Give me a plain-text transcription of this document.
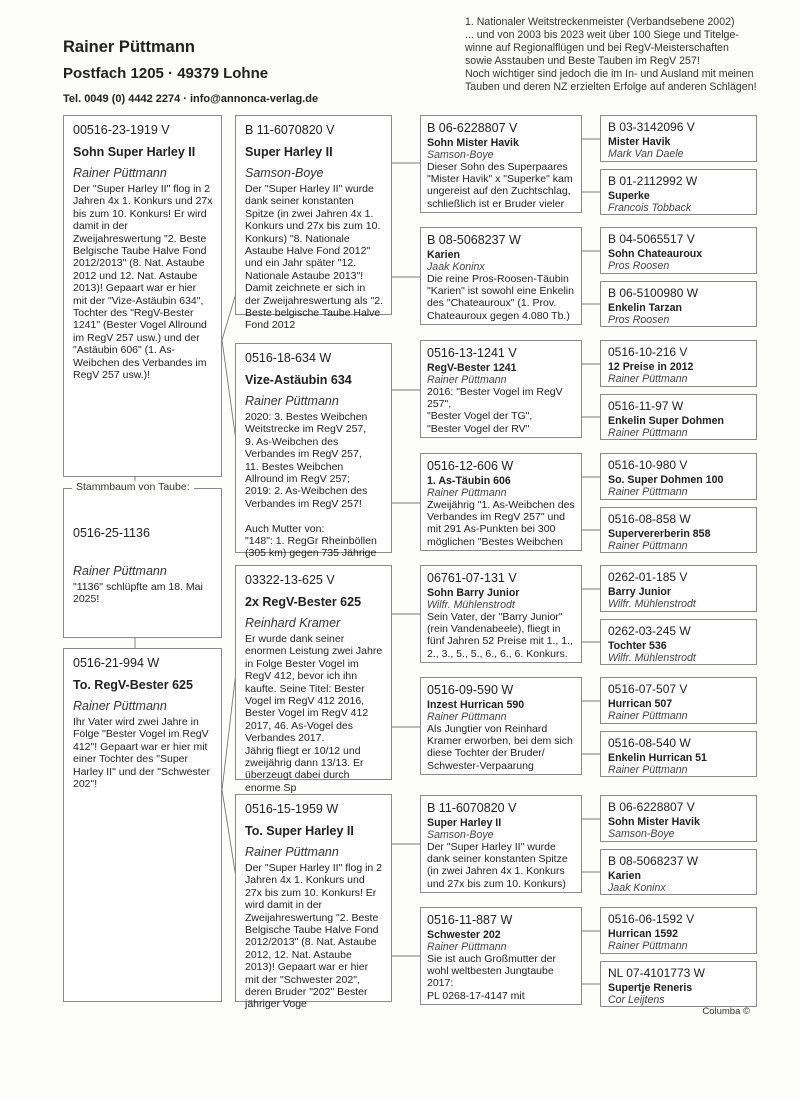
Rainer Püttmann
Postfach 1205 · 49379 Lohne
Tel. 0049 (0) 4442 2274 · info@annonca-verlag.de
1. Nationaler Weitstreckenmeister (Verbandsebene 2002)
... und von 2003 bis 2023 weit über 100 Siege und Titelge-
winne auf Regionalflügen und bei RegV-Meisterschaften
sowie Asstauben und Beste Tauben im RegV 257!
Noch wichtiger sind jedoch die im In- und Ausland mit meinen
Tauben und deren NZ erzielten Erfolge auf anderen Schlägen!
00516-23-1919 V
Sohn Super Harley II
Rainer Püttmann
Der "Super Harley II" flog in 2 Jahren 4x 1. Konkurs und 27x bis zum 10. Konkurs! Er wird damit in der Zweijahreswertung "2. Beste Belgische Taube Halve Fond 2012/2013" (8. Nat. Astaube 2012 und 12. Nat. Astaube 2013)! Gepaart war er hier mit der "Vize-Astäubin 634", Tochter des "RegV-Bester 1241" (Bester Vogel Allround im RegV 257 usw.) und der "Astäubin 606" (1. As-Weibchen des Verbandes im RegV 257 usw.)!
Stammbaum von Taube:
0516-25-1136
Rainer Püttmann
"1136" schlüpfte am 18. Mai 2025!
0516-21-994 W
To. RegV-Bester 625
Rainer Püttmann
Ihr Vater wird zwei Jahre in Folge "Bester Vogel im RegV 412"! Gepaart war er hier mit einer Tochter des "Super Harley II" und der "Schwester 202"!
B 11-6070820 V
Super Harley II
Samson-Boye
Der "Super Harley II" wurde dank seiner konstanten Spitze (in zwei Jahren 4x 1. Konkurs und 27x bis zum 10. Konkurs) "8. Nationale Astaube Halve Fond 2012" und ein Jahr später "12. Nationale Astaube 2013"! Damit zeichnete er sich in der Zweijahreswertung als "2. Beste belgische Taube Halve Fond 2012
0516-18-634 W
Vize-Astäubin 634
Rainer Püttmann
2020: 3. Bestes Weibchen Weitstrecke im RegV 257,
9. As-Weibchen des Verbandes im RegV 257,
11. Bestes Weibchen Allround im RegV 257;
2019: 2. As-Weibchen des Verbandes im RegV 257!

Auch Mutter von:
"148": 1. RegGr Rheinböllen (305 km) gegen 735 Jährige
03322-13-625 V
2x RegV-Bester 625
Reinhard Kramer
Er wurde dank seiner enormen Leistung zwei Jahre in Folge Bester Vogel im RegV 412, bevor ich ihn kaufte. Seine Titel: Bester Vogel im RegV 412 2016, Bester Vogel im RegV 412 2017, 46. As-Vogel des Verbandes 2017.
Jährig fliegt er 10/12 und zweijährig dann 13/13. Er überzeugt dabei durch enorme Sp
0516-15-1959 W
To. Super Harley II
Rainer Püttmann
Der "Super Harley II" flog in 2 Jahren 4x 1. Konkurs und 27x bis zum 10. Konkurs! Er wird damit in der Zweijahreswertung "2. Beste Belgische Taube Halve Fond 2012/2013" (8. Nat. Astaube 2012, 12. Nat. Astaube 2013)! Gepaart war er hier mit der "Schwester 202", deren Bruder "202" Bester jähriger Voge
B 06-6228807 V
Sohn Mister Havik
Samson-Boye
Dieser Sohn des Superpaares "Mister Havik" x "Superke" kam ungereist auf den Zuchtschlag, schließlich ist er Bruder vieler
B 08-5068237 W
Karien
Jaak Koninx
Die reine Pros-Roosen-Täubin "Karien" ist sowohl eine Enkelin des "Chateauroux" (1. Prov. Chateauroux gegen 4.080 Tb.)
0516-13-1241 V
RegV-Bester 1241
Rainer Püttmann
2016: "Bester Vogel im RegV 257",
"Bester Vogel der TG",
"Bester Vogel der RV"
0516-12-606 W
1. As-Täubin 606
Rainer Püttmann
Zweijährig "1. As-Weibchen des Verbandes im RegV 257" und mit 291 As-Punkten bei 300 möglichen "Bestes Weibchen
06761-07-131 V
Sohn Barry Junior
Wilfr. Mühlenstrodt
Sein Vater, der "Barry Junior" (rein Vandenabeele), fliegt in fünf Jahren 52 Preise mit 1., 1., 2., 3., 5., 5., 6., 6., 6. Konkurs.
0516-09-590 W
Inzest Hurrican 590
Rainer Püttmann
Als Jungtier von Reinhard Kramer erworben, bei dem sich diese Tochter der Bruder/ Schwester-Verpaarung
B 11-6070820 V
Super Harley II
Samson-Boye
Der "Super Harley II" wurde dank seiner konstanten Spitze (in zwei Jahren 4x 1. Konkurs und 27x bis zum 10. Konkurs)
0516-11-887 W
Schwester 202
Rainer Püttmann
Sie ist auch Großmutter der wohl weltbesten Jungtaube 2017:
PL 0268-17-4147 mit
B 03-3142096 V
Mister Havik
Mark Van Daele
B 01-2112992 W
Superke
Francois Tobback
B 04-5065517 V
Sohn Chateauroux
Pros Roosen
B 06-5100980 W
Enkelin Tarzan
Pros Roosen
0516-10-216 V
12 Preise in 2012
Rainer Püttmann
0516-11-97 W
Enkelin Super Dohmen
Rainer Püttmann
0516-10-980 V
So. Super Dohmen 100
Rainer Püttmann
0516-08-858 W
Supervererberin 858
Rainer Püttmann
0262-01-185 V
Barry Junior
Wilfr. Mühlenstrodt
0262-03-245 W
Tochter 536
Wilfr. Mühlenstrodt
0516-07-507 V
Hurrican 507
Rainer Püttmann
0516-08-540 W
Enkelin Hurrican 51
Rainer Püttmann
B 06-6228807 V
Sohn Mister Havik
Samson-Boye
B 08-5068237 W
Karien
Jaak Koninx
0516-06-1592 V
Hurrican 1592
Rainer Püttmann
NL 07-4101773 W
Supertje Reneris
Cor Leijtens
Columba ©
